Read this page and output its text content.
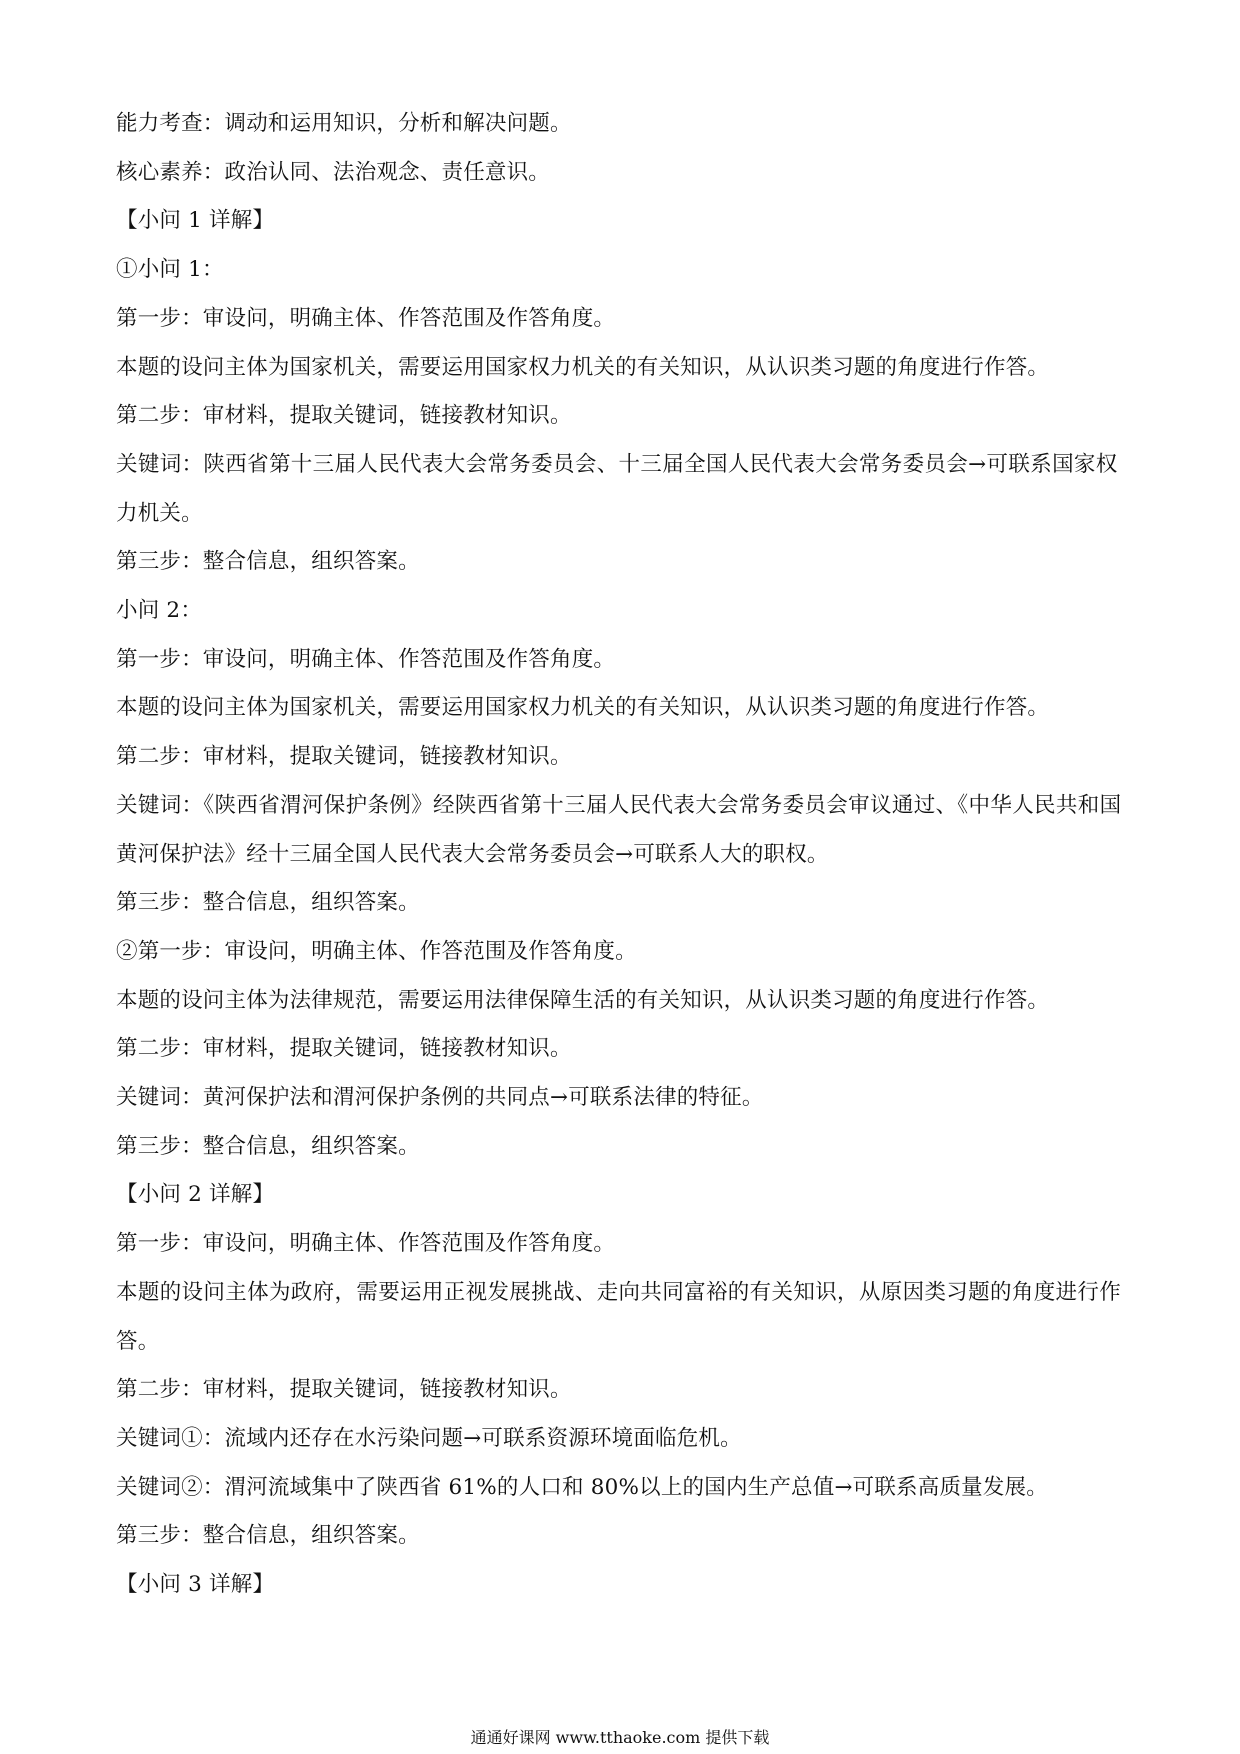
能力考查：调动和运用知识，分析和解决问题。
核心素养：政治认同、法治观念、责任意识。
【小问 1 详解】
①小问 1：
第一步：审设问，明确主体、作答范围及作答角度。
本题的设问主体为国家机关，需要运用国家权力机关的有关知识，从认识类习题的角度进行作答。
第二步：审材料，提取关键词，链接教材知识。
关键词：陕西省第十三届人民代表大会常务委员会、十三届全国人民代表大会常务委员会→可联系国家权
力机关。
第三步：整合信息，组织答案。
小问 2：
第一步：审设问，明确主体、作答范围及作答角度。
本题的设问主体为国家机关，需要运用国家权力机关的有关知识，从认识类习题的角度进行作答。
第二步：审材料，提取关键词，链接教材知识。
关键词：《陕西省渭河保护条例》经陕西省第十三届人民代表大会常务委员会审议通过、《中华人民共和国
黄河保护法》经十三届全国人民代表大会常务委员会→可联系人大的职权。
第三步：整合信息，组织答案。
②第一步：审设问，明确主体、作答范围及作答角度。
本题的设问主体为法律规范，需要运用法律保障生活的有关知识，从认识类习题的角度进行作答。
第二步：审材料，提取关键词，链接教材知识。
关键词：黄河保护法和渭河保护条例的共同点→可联系法律的特征。
第三步：整合信息，组织答案。
【小问 2 详解】
第一步：审设问，明确主体、作答范围及作答角度。
本题的设问主体为政府，需要运用正视发展挑战、走向共同富裕的有关知识，从原因类习题的角度进行作
答。
第二步：审材料，提取关键词，链接教材知识。
关键词①：流域内还存在水污染问题→可联系资源环境面临危机。
关键词②：渭河流域集中了陕西省 61%的人口和 80%以上的国内生产总值→可联系高质量发展。
第三步：整合信息，组织答案。
【小问 3 详解】
通通好课网 www.tthaoke.com 提供下载
